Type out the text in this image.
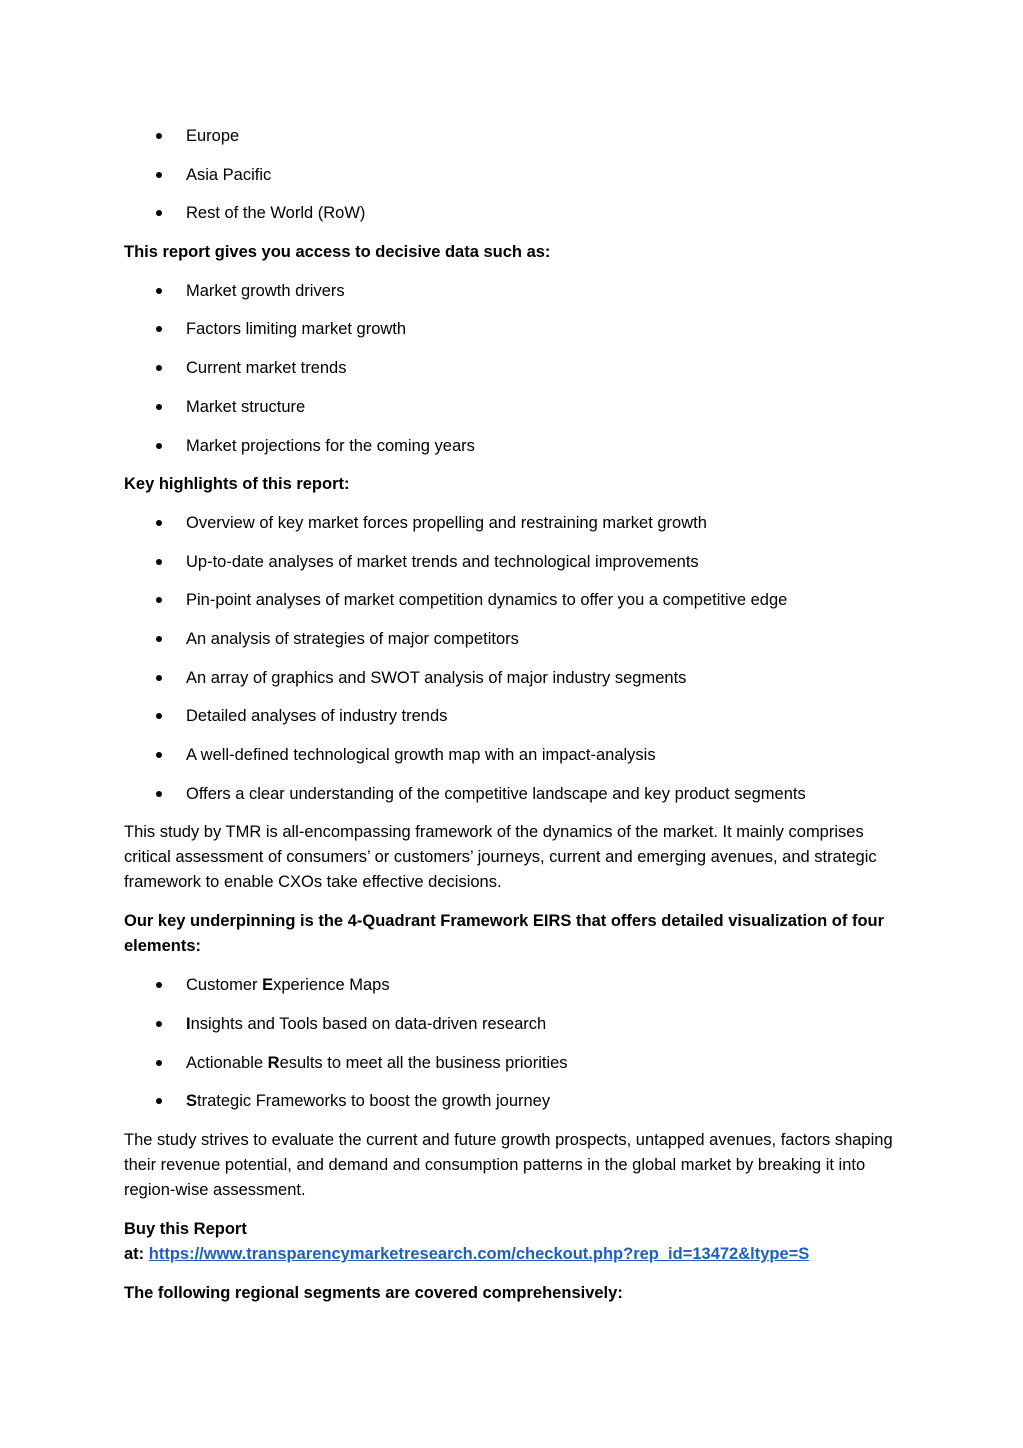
Europe
Asia Pacific
Rest of the World (RoW)
This report gives you access to decisive data such as:
Market growth drivers
Factors limiting market growth
Current market trends
Market structure
Market projections for the coming years
Key highlights of this report:
Overview of key market forces propelling and restraining market growth
Up-to-date analyses of market trends and technological improvements
Pin-point analyses of market competition dynamics to offer you a competitive edge
An analysis of strategies of major competitors
An array of graphics and SWOT analysis of major industry segments
Detailed analyses of industry trends
A well-defined technological growth map with an impact-analysis
Offers a clear understanding of the competitive landscape and key product segments
This study by TMR is all-encompassing framework of the dynamics of the market. It mainly comprises critical assessment of consumers’ or customers’ journeys, current and emerging avenues, and strategic framework to enable CXOs take effective decisions.
Our key underpinning is the 4-Quadrant Framework EIRS that offers detailed visualization of four elements:
Customer Experience Maps
Insights and Tools based on data-driven research
Actionable Results to meet all the business priorities
Strategic Frameworks to boost the growth journey
The study strives to evaluate the current and future growth prospects, untapped avenues, factors shaping their revenue potential, and demand and consumption patterns in the global market by breaking it into region-wise assessment.
Buy this Report
at: https://www.transparencymarketresearch.com/checkout.php?rep_id=13472&ltype=S
The following regional segments are covered comprehensively:
